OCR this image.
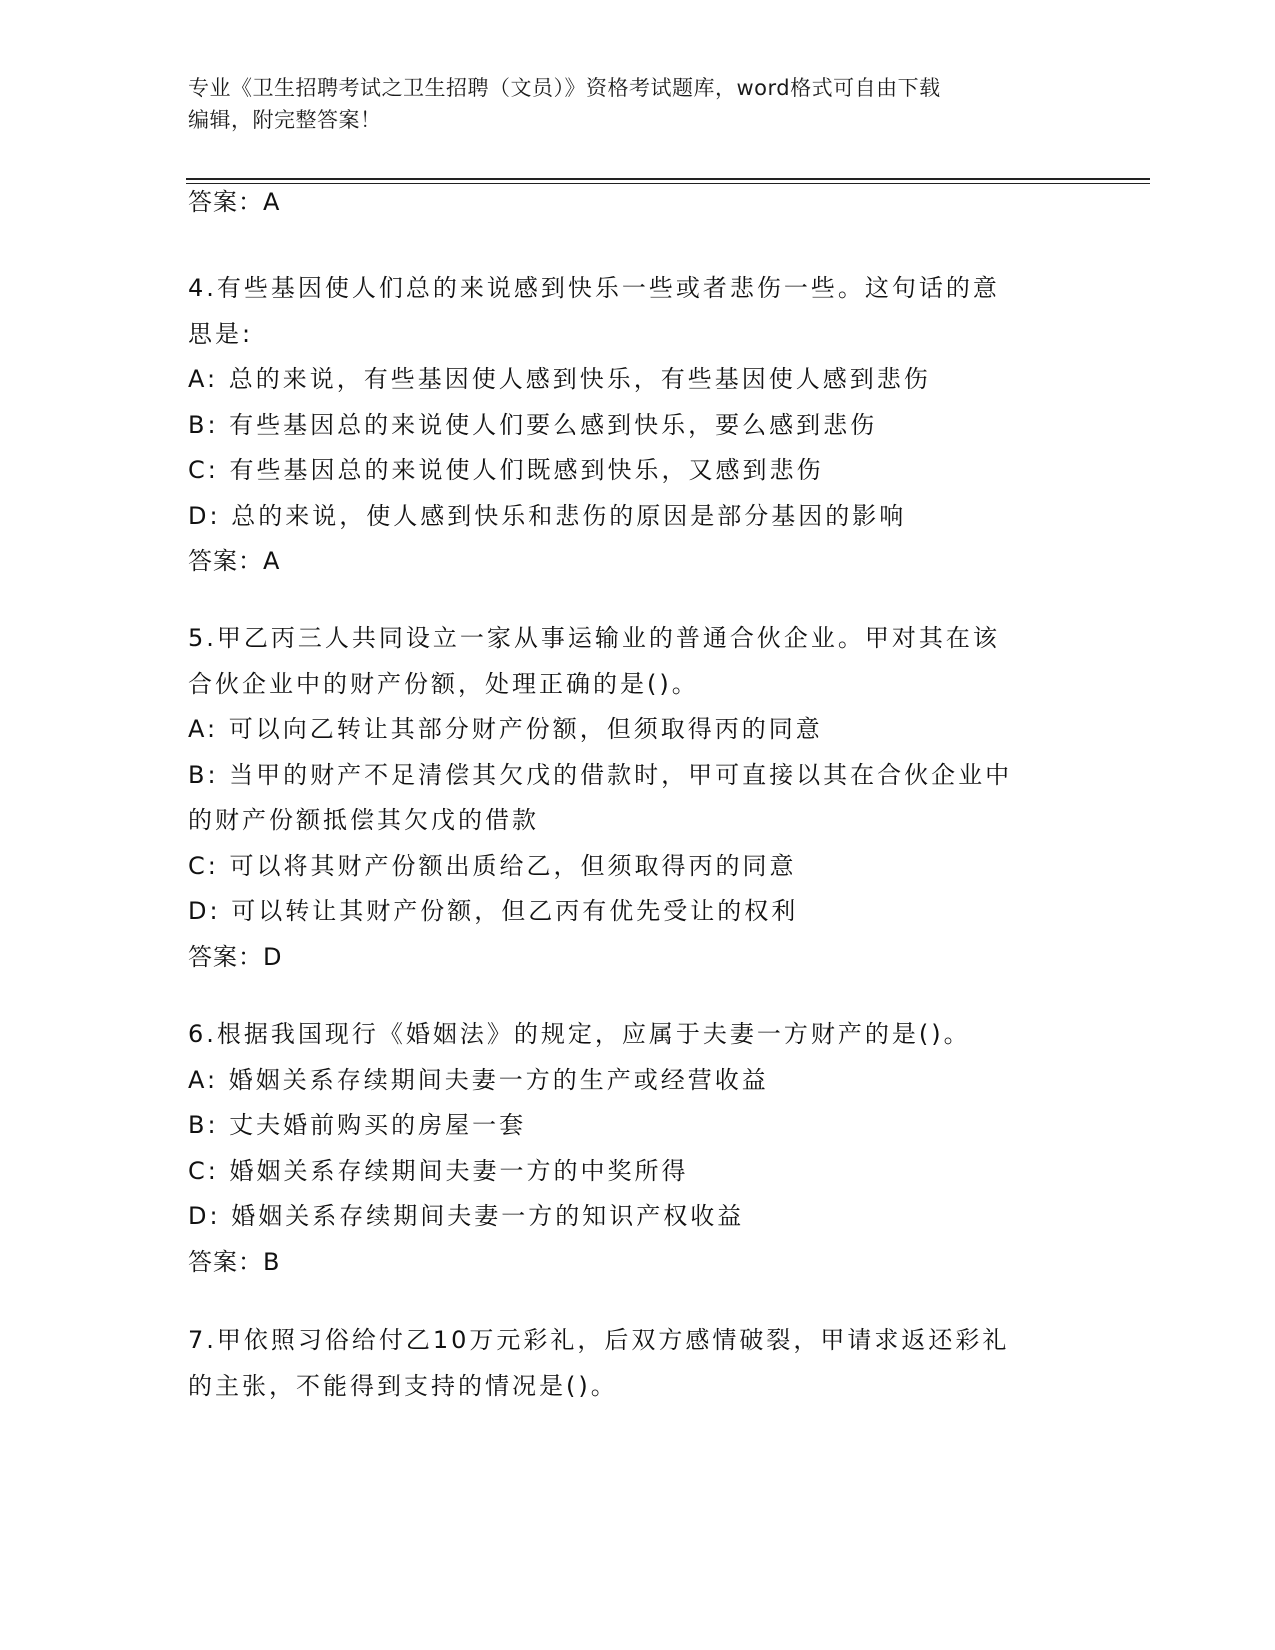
专业《卫生招聘考试之卫生招聘（文员）》资格考试题库，word格式可自由下载
编辑，附完整答案！
答案：A
4.有些基因使人们总的来说感到快乐一些或者悲伤一些。这句话的意
思是:
A: 总的来说，有些基因使人感到快乐，有些基因使人感到悲伤
B: 有些基因总的来说使人们要么感到快乐，要么感到悲伤
C: 有些基因总的来说使人们既感到快乐，又感到悲伤
D: 总的来说，使人感到快乐和悲伤的原因是部分基因的影响
答案：A
5.甲乙丙三人共同设立一家从事运输业的普通合伙企业。甲对其在该
合伙企业中的财产份额，处理正确的是()。
A: 可以向乙转让其部分财产份额，但须取得丙的同意
B: 当甲的财产不足清偿其欠戊的借款时，甲可直接以其在合伙企业中
的财产份额抵偿其欠戊的借款
C: 可以将其财产份额出质给乙，但须取得丙的同意
D: 可以转让其财产份额，但乙丙有优先受让的权利
答案：D
6.根据我国现行《婚姻法》的规定，应属于夫妻一方财产的是()。
A: 婚姻关系存续期间夫妻一方的生产或经营收益
B: 丈夫婚前购买的房屋一套
C: 婚姻关系存续期间夫妻一方的中奖所得
D: 婚姻关系存续期间夫妻一方的知识产权收益
答案：B
7.甲依照习俗给付乙10万元彩礼，后双方感情破裂，甲请求返还彩礼
的主张，不能得到支持的情况是()。
